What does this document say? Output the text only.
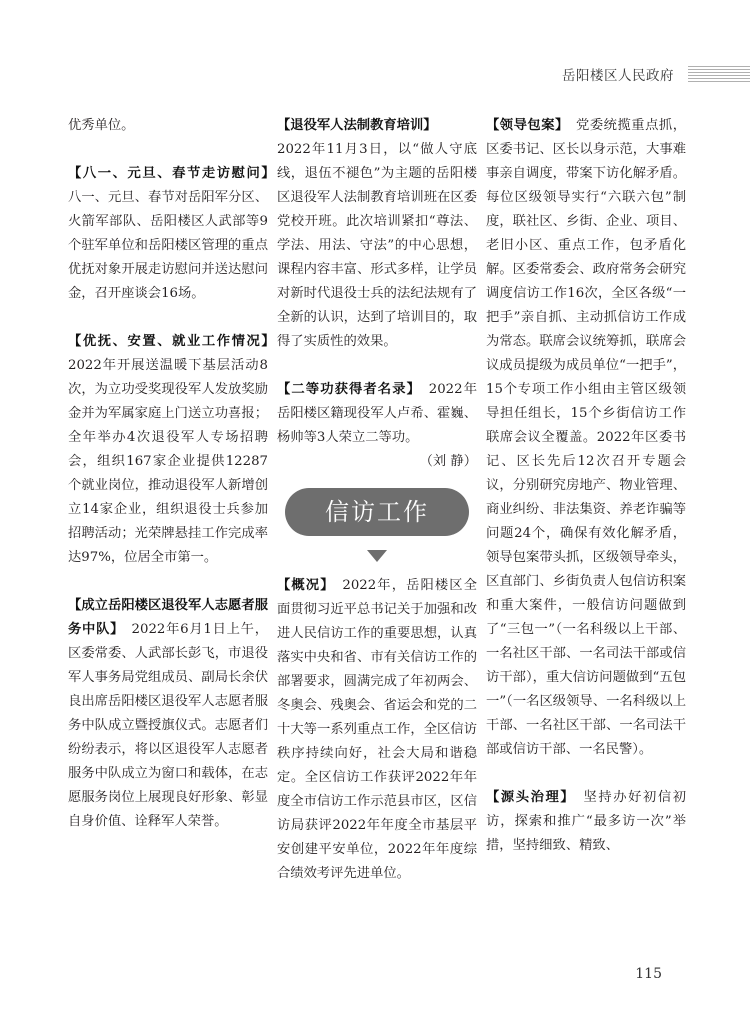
岳阳楼区人民政府

优秀单位。

【八一、元旦、春节走访慰问】　八一、元旦、春节对岳阳军分区、火箭军部队、岳阳楼区人武部等9个驻军单位和岳阳楼区管理的重点优抚对象开展走访慰问并送达慰问金，召开座谈会16场。

【优抚、安置、就业工作情况】　2022年开展送温暖下基层活动8次，为立功受奖现役军人发放奖励金并为军属家庭上门送立功喜报；全年举办4次退役军人专场招聘会，组织167家企业提供12287个就业岗位，推动退役军人新增创立14家企业，组织退役士兵参加招聘活动；光荣牌悬挂工作完成率达97%，位居全市第一。

【成立岳阳楼区退役军人志愿者服务中队】　 2022年6月1日上午，区委常委、人武部长彭飞，市退役军人事务局党组成员、副局长余伏良出席岳阳楼区退役军人志愿者服务中队成立暨授旗仪式。志愿者们纷纷表示，将以区退役军人志愿者服务中队成立为窗口和载体，在志愿服务岗位上展现良好形象、彰显自身价值、诠释军人荣誉。

【退役军人法制教育培训】
2022年11月3日，以“做人守底线，退伍不褪色”为主题的岳阳楼区退役军人法制教育培训班在区委党校开班。此次培训紧扣“尊法、学法、用法、守法”的中心思想，课程内容丰富、形式多样，让学员对新时代退役士兵的法纪法规有了全新的认识，达到了培训目的，取得了实质性的效果。

【二等功获得者名录】　 2022年岳阳楼区籍现役军人卢希、霍巍、杨帅等3人荣立二等功。

（刘 静）
信访工作

【概况】　 2022年，岳阳楼区全面贯彻习近平总书记关于加强和改进人民信访工作的重要思想，认真落实中央和省、市有关信访工作的部署要求，圆满完成了年初两会、冬奥会、残奥会、省运会和党的二十大等一系列重点工作，全区信访秩序持续向好，社会大局和谐稳定。全区信访工作获评2022年年度全市信访工作示范县市区，区信访局获评2022年年度全市基层平安创建平安单位，2022年年度综合绩效考评先进单位。

【领导包案】　 党委统揽重点抓，区委书记、区长以身示范，大事难事亲自调度，带案下访化解矛盾。每位区级领导实行“六联六包”制度，联社区、乡街、企业、项目、老旧小区、重点工作，包矛盾化解。区委常委会、政府常务会研究调度信访工作16次，全区各级“一把手”亲自抓、主动抓信访工作成为常态。联席会议统筹抓，联席会议成员提级为成员单位“一把手”，15个专项工作小组由主管区级领导担任组长，15个乡街信访工作联席会议全覆盖。2022年区委书记、区长先后12次召开专题会议，分别研究房地产、物业管理、商业纠纷、非法集资、养老诈骗等问题24个，确保有效化解矛盾，领导包案带头抓，区级领导牵头，区直部门、乡街负责人包信访积案和重大案件，一般信访问题做到了“三包一”（一名科级以上干部、一名社区干部、一名司法干部或信访干部），重大信访问题做到“五包一”（一名区级领导、一名科级以上干部、一名社区干部、一名司法干部或信访干部、一名民警）。

【源头治理】　 坚持办好初信初访，探索和推广“最多访一次”举措，坚持细致、精致、

115
